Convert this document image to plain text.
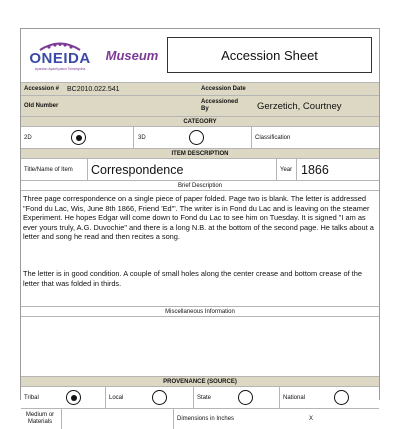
ONEIDA
Ayanton Ayanhyaton Tsinahyoha
Museum	Accession Sheet
Accession # BC2010.022.541	Accession Date
Old Number
Accessioned By	Gerzetich, Courtney
CATEGORY
2D	3D	Classification
ITEM DESCRIPTION
Title/Name of Item Correspondence	Year 1866
Brief Description

Three page correspondence on a single piece of paper folded. Page two is blank. The letter is addressed "Fond du Lac, Wis, June 8th 1866, Friend 'Ed'". The writer is in Fond du Lac and is leaving on the steamer Experiment. He hopes Edgar will come down to Fond du Lac to see him on Tuesday. It is signed "I am as ever yours truly, A.G. Duvochie" and there is a long N.B. at the bottom of the second page. He talks about a letter and song he read and then recites a song.

The letter is in good condition. A couple of small holes along the center crease and bottom crease of the letter that was folded in thirds.

Miscellaneous Information
PROVENANCE (SOURCE)
Tribal	Local	State	National
Medium or Materials	Dimensions in Inches	X
